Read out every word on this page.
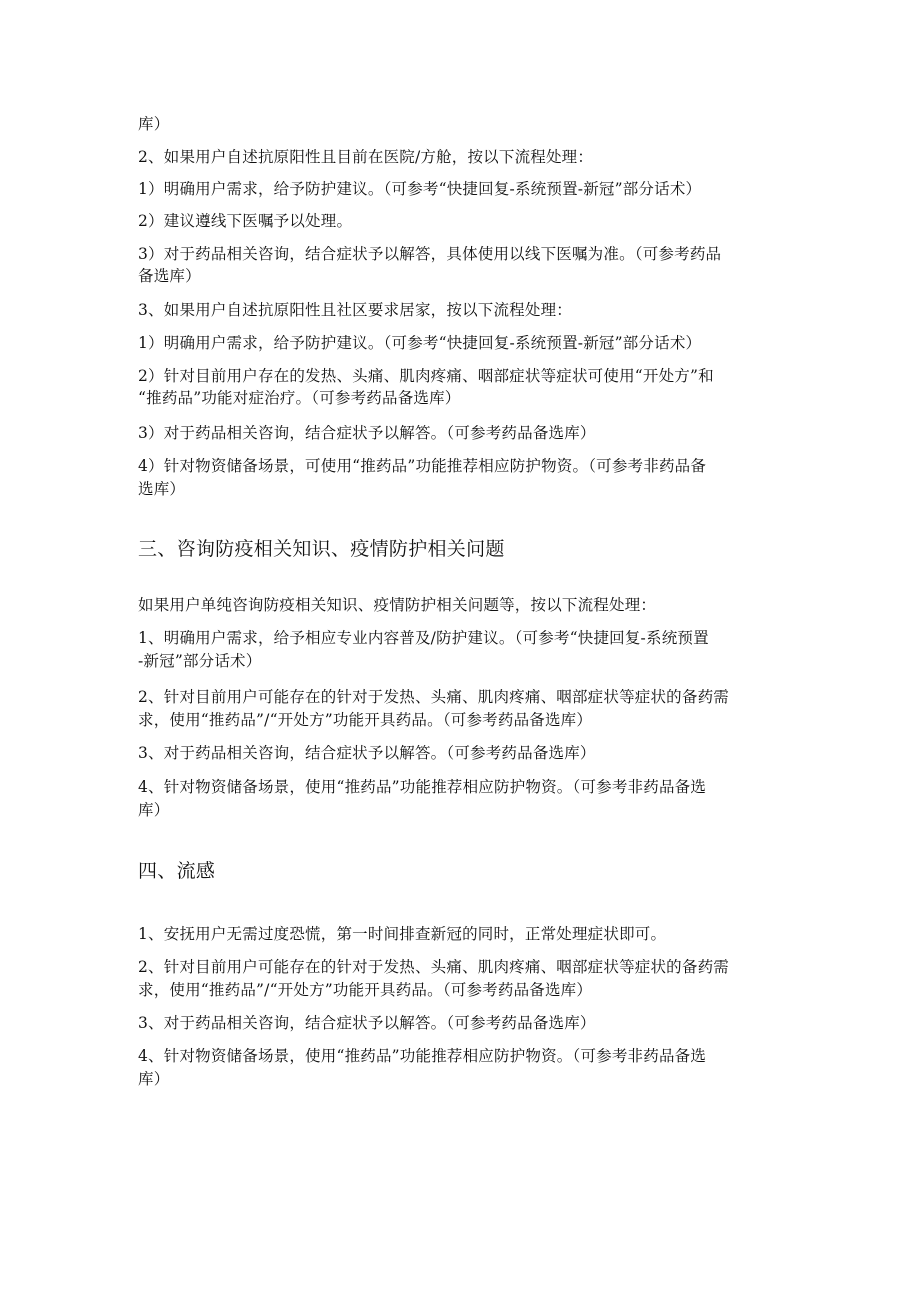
库）
2、如果用户自述抗原阳性且目前在医院/方舱，按以下流程处理：
1）明确用户需求，给予防护建议。（可参考“快捷回复-系统预置-新冠”部分话术）
2）建议遵线下医嘱予以处理。
3）对于药品相关咨询，结合症状予以解答，具体使用以线下医嘱为准。（可参考药品
备选库）
3、如果用户自述抗原阳性且社区要求居家，按以下流程处理：
1）明确用户需求，给予防护建议。（可参考“快捷回复-系统预置-新冠”部分话术）
2）针对目前用户存在的发热、头痛、肌肉疼痛、咽部症状等症状可使用“开处方”和
“推药品”功能对症治疗。（可参考药品备选库）
3）对于药品相关咨询，结合症状予以解答。（可参考药品备选库）
4）针对物资储备场景，可使用“推药品”功能推荐相应防护物资。（可参考非药品备
选库）
三、咨询防疫相关知识、疫情防护相关问题
如果用户单纯咨询防疫相关知识、疫情防护相关问题等，按以下流程处理：
1、明确用户需求，给予相应专业内容普及/防护建议。（可参考“快捷回复-系统预置
-新冠”部分话术）
2、针对目前用户可能存在的针对于发热、头痛、肌肉疼痛、咽部症状等症状的备药需
求，使用“推药品”/“开处方”功能开具药品。（可参考药品备选库）
3、对于药品相关咨询，结合症状予以解答。（可参考药品备选库）
4、针对物资储备场景，使用“推药品”功能推荐相应防护物资。（可参考非药品备选
库）
四、流感
1、安抚用户无需过度恐慌，第一时间排查新冠的同时，正常处理症状即可。
2、针对目前用户可能存在的针对于发热、头痛、肌肉疼痛、咽部症状等症状的备药需
求，使用“推药品”/“开处方”功能开具药品。（可参考药品备选库）
3、对于药品相关咨询，结合症状予以解答。（可参考药品备选库）
4、针对物资储备场景，使用“推药品”功能推荐相应防护物资。（可参考非药品备选
库）
